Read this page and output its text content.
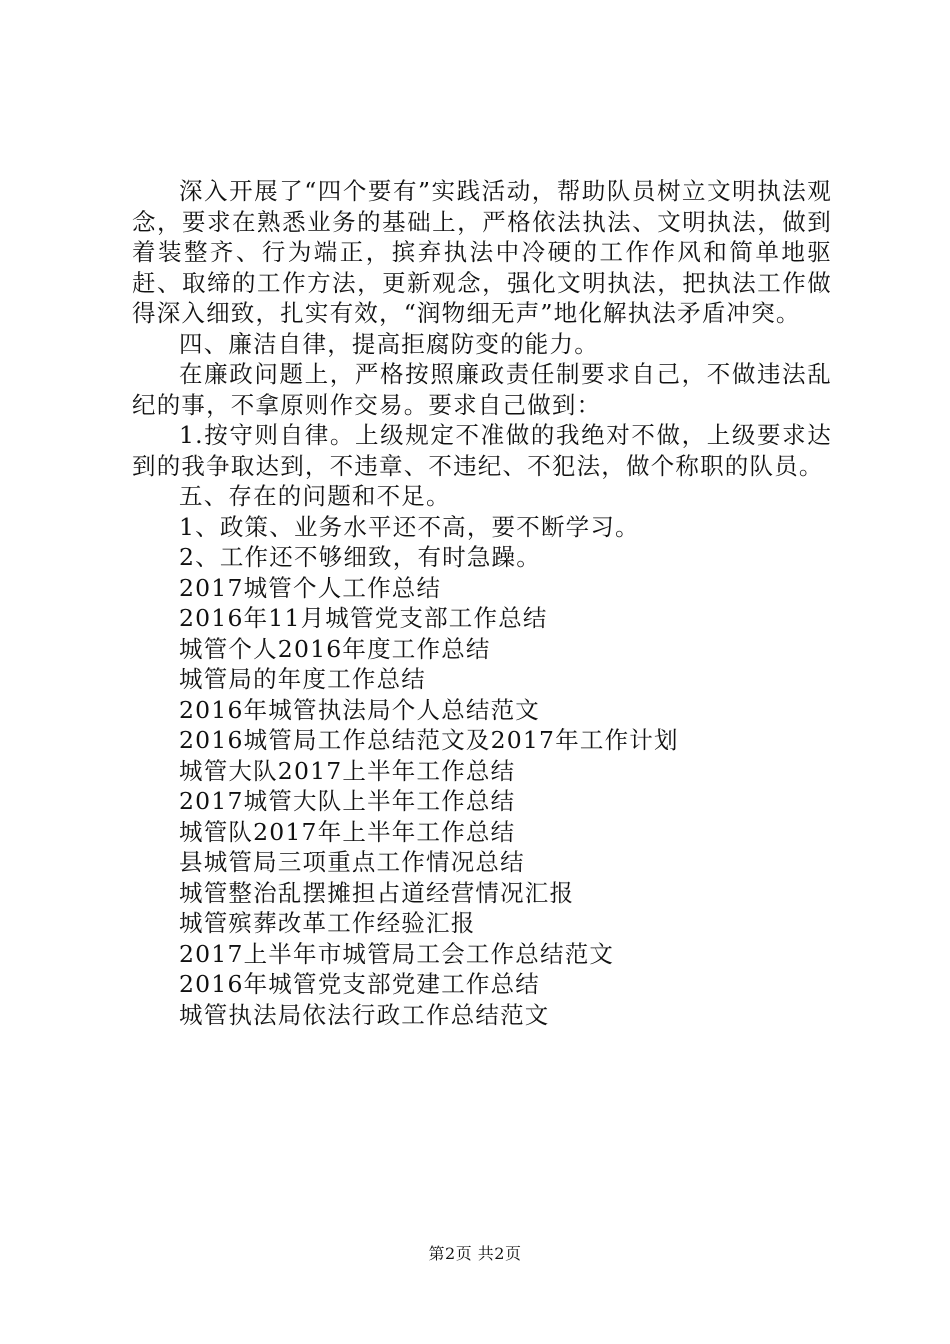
深入开展了“四个要有”实践活动，帮助队员树立文明执法观念，要求在熟悉业务的基础上，严格依法执法、文明执法，做到着装整齐、行为端正，摈弃执法中冷硬的工作作风和简单地驱赶、取缔的工作方法，更新观念，强化文明执法，把执法工作做得深入细致，扎实有效，“润物细无声”地化解执法矛盾冲突。

四、廉洁自律，提高拒腐防变的能力。

在廉政问题上，严格按照廉政责任制要求自己，不做违法乱纪的事，不拿原则作交易。要求自己做到：

1.按守则自律。上级规定不准做的我绝对不做，上级要求达到的我争取达到，不违章、不违纪、不犯法，做个称职的队员。

五、存在的问题和不足。

1、政策、业务水平还不高，要不断学习。

2、工作还不够细致，有时急躁。

2017城管个人工作总结
2016年11月城管党支部工作总结
城管个人2016年度工作总结
城管局的年度工作总结
2016年城管执法局个人总结范文
2016城管局工作总结范文及2017年工作计划
城管大队2017上半年工作总结
2017城管大队上半年工作总结
城管队2017年上半年工作总结
县城管局三项重点工作情况总结
城管整治乱摆摊担占道经营情况汇报
城管殡葬改革工作经验汇报
2017上半年市城管局工会工作总结范文
2016年城管党支部党建工作总结
城管执法局依法行政工作总结范文
第2页 共2页
